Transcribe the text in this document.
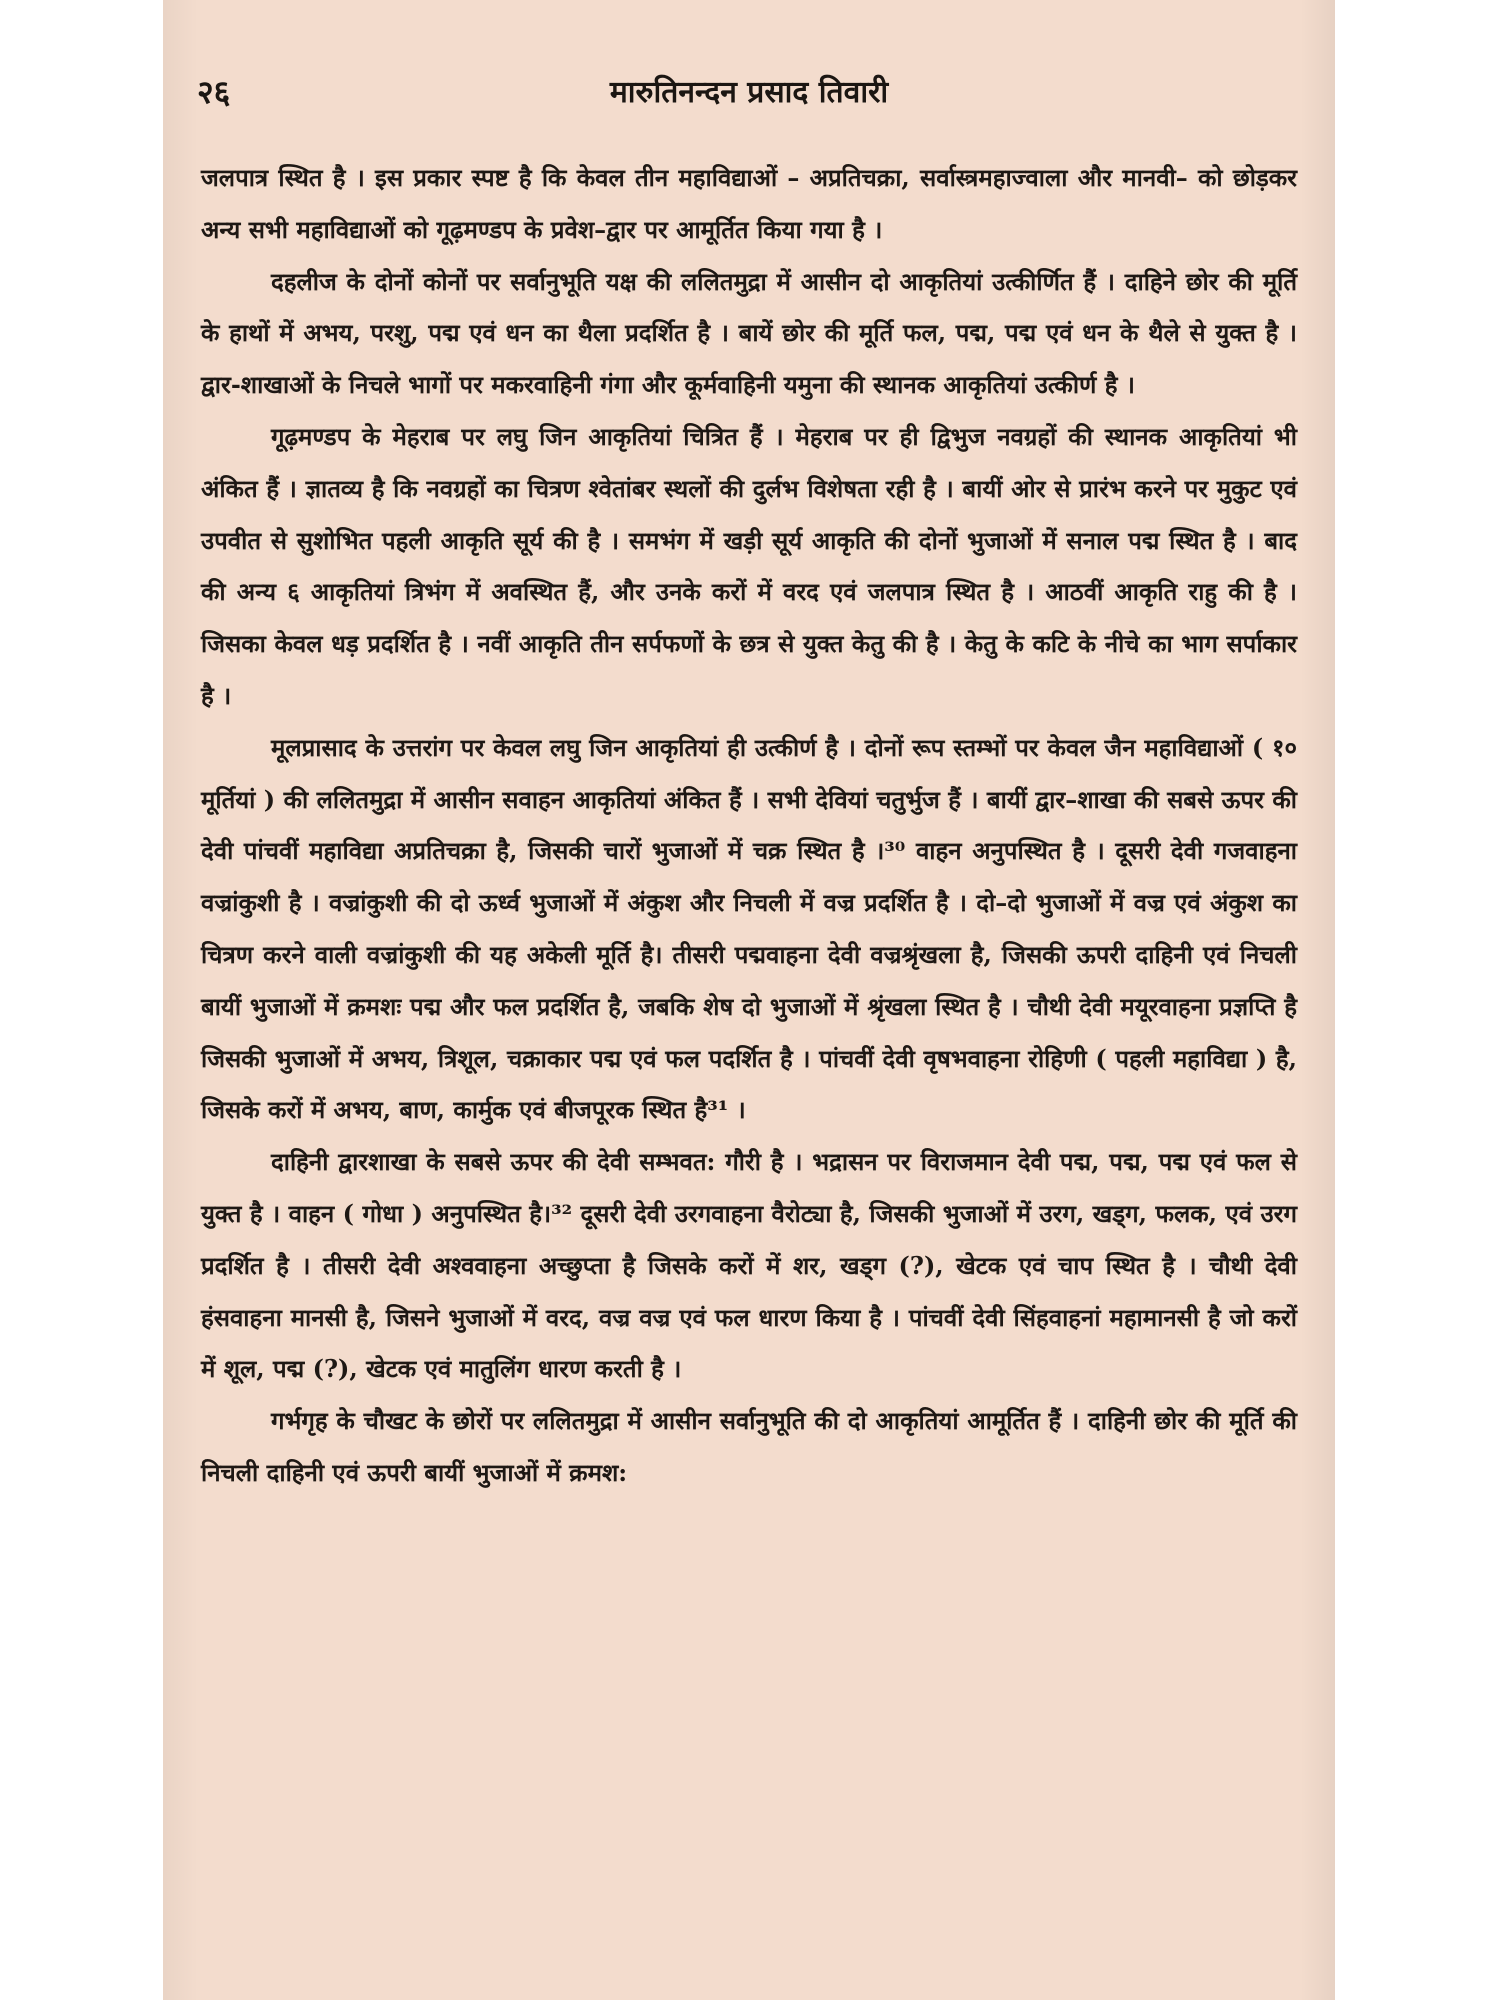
२६	मारुतिनन्दन प्रसाद तिवारी

जलपात्र स्थित है । इस प्रकार स्पष्ट है कि केवल तीन महाविद्याओं – अप्रतिचक्रा, सर्वास्त्रमहाज्वाला और मानवी– को छोड़कर अन्य सभी महाविद्याओं को गूढ़मण्डप के प्रवेश–द्वार पर आमूर्तित किया गया है ।

दहलीज के दोनों कोनों पर सर्वानुभूति यक्ष की ललितमुद्रा में आसीन दो आकृतियां उत्कीर्णित हैं । दाहिने छोर की मूर्ति के हाथों में अभय, परशु, पद्म एवं धन का थैला प्रदर्शित है । बायें छोर की मूर्ति फल, पद्म, पद्म एवं धन के थैले से युक्त है । द्वार-शाखाओं के निचले भागों पर मकरवाहिनी गंगा और कूर्मवाहिनी यमुना की स्थानक आकृतियां उत्कीर्ण है ।

गूढ़मण्डप के मेहराब पर लघु जिन आकृतियां चित्रित हैं । मेहराब पर ही द्विभुज नवग्रहों की स्थानक आकृतियां भी अंकित हैं । ज्ञातव्य है कि नवग्रहों का चित्रण श्वेतांबर स्थलों की दुर्लभ विशेषता रही है । बायीं ओर से प्रारंभ करने पर मुकुट एवं उपवीत से सुशोभित पहली आकृति सूर्य की है । समभंग में खड़ी सूर्य आकृति की दोनों भुजाओं में सनाल पद्म स्थित है । बाद की अन्य ६ आकृतियां त्रिभंग में अवस्थित हैं, और उनके करों में वरद एवं जलपात्र स्थित है । आठवीं आकृति राहु की है । जिसका केवल धड़ प्रदर्शित है । नवीं आकृति तीन सर्पफणों के छत्र से युक्त केतु की है । केतु के कटि के नीचे का भाग सर्पाकार है ।

मूलप्रासाद के उत्तरांग पर केवल लघु जिन आकृतियां ही उत्कीर्ण है । दोनों रूप स्तम्भों पर केवल जैन महाविद्याओं ( १० मूर्तियां ) की ललितमुद्रा में आसीन सवाहन आकृतियां अंकित हैं । सभी देवियां चतुर्भुज हैं । बायीं द्वार–शाखा की सबसे ऊपर की देवी पांचवीं महाविद्या अप्रतिचक्रा है, जिसकी चारों भुजाओं में चक्र स्थित है ।³⁰ वाहन अनुपस्थित है । दूसरी देवी गजवाहना वज्रांकुशी है । वज्रांकुशी की दो ऊर्ध्व भुजाओं में अंकुश और निचली में वज्र प्रदर्शित है । दो–दो भुजाओं में वज्र एवं अंकुश का चित्रण करने वाली वज्रांकुशी की यह अकेली मूर्ति है। तीसरी पद्मवाहना देवी वज्रश्रृंखला है, जिसकी ऊपरी दाहिनी एवं निचली बायीं भुजाओं में क्रमशः पद्म और फल प्रदर्शित है, जबकि शेष दो भुजाओं में श्रृंखला स्थित है । चौथी देवी मयूरवाहना प्रज्ञप्ति है जिसकी भुजाओं में अभय, त्रिशूल, चक्राकार पद्म एवं फल पदर्शित है । पांचवीं देवी वृषभवाहना रोहिणी ( पहली महाविद्या ) है, जिसके करों में अभय, बाण, कार्मुक एवं बीजपूरक स्थित है³¹ ।

दाहिनी द्वारशाखा के सबसे ऊपर की देवी सम्भवत: गौरी है । भद्रासन पर विराजमान देवी पद्म, पद्म, पद्म एवं फल से युक्त है । वाहन ( गोधा ) अनुपस्थित है।³² दूसरी देवी उरगवाहना वैरोट्या है, जिसकी भुजाओं में उरग, खड्ग, फलक, एवं उरग प्रदर्शित है । तीसरी देवी अश्ववाहना अच्छुप्ता है जिसके करों में शर, खड्ग (?), खेटक एवं चाप स्थित है । चौथी देवी हंसवाहना मानसी है, जिसने भुजाओं में वरद, वज्र वज्र एवं फल धारण किया है । पांचवीं देवी सिंहवाहनां महामानसी है जो करों में शूल, पद्म (?), खेटक एवं मातुलिंग धारण करती है ।

गर्भगृह के चौखट के छोरों पर ललितमुद्रा में आसीन सर्वानुभूति की दो आकृतियां आमूर्तित हैं । दाहिनी छोर की मूर्ति की निचली दाहिनी एवं ऊपरी बायीं भुजाओं में क्रमश:
